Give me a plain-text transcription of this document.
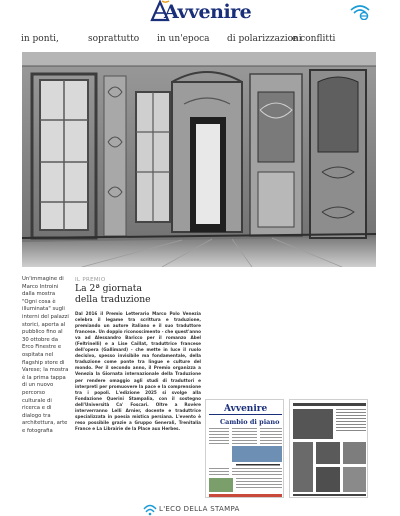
Avvenire
in ponti,	soprattutto in un'epoca di polarizzazioni
e conflitti
Un'immagine di Marco Introini dalla mostra "Ogni cosa è illuminata" sugli interni del palazzi storici, aperta al pubblico fino al 30 ottobre da Erco Finestre e ospitata nel flagship store di Varese; la mostra è la prima tappa di un nuovo percorso culturale di ricerca e di dialogo tra architettura, arte e fotografia
IL PREMIO
La 2ª giornata
della traduzione

Dal 2016 il Premio Letterario Marco Polo Venezia celebra il legame tra scrittura e traduzione, premiando un autore italiano e il suo traduttore francese. Un doppio riconoscimento - che quest'anno va ad Alessandro Baricco per il romanzo Abel (Feltrinelli) e a Lise Caillat, traduttrice francese dell'opera (Gallimard) - che mette in luce il ruolo decisivo, spesso invisibile ma fondamentale, della traduzione come ponte tra lingue e culture del mondo. Per il secondo anno, il Premio organizza a Venezia la Giornata internazionale della Traduzione per rendere omaggio agli studi di traduttori e interpreti per promuovere la pace e la comprensione tra i popoli. L'edizione 2025 si svolge alla Fondazione Querini Stampalia, con il sostegno dell'Università Ca' Foscari. Oltre a Rovère interverranno Lelli Arnier, docente e traduttrice specializzata in poesia mistica persiana. L'evento è reso possibile grazie a Gruppo Generali, Trenitalia France e La Librairie de la Place aux Herbes.

Avvenire
Cambio di piano
L'ECO DELLA STAMPA
